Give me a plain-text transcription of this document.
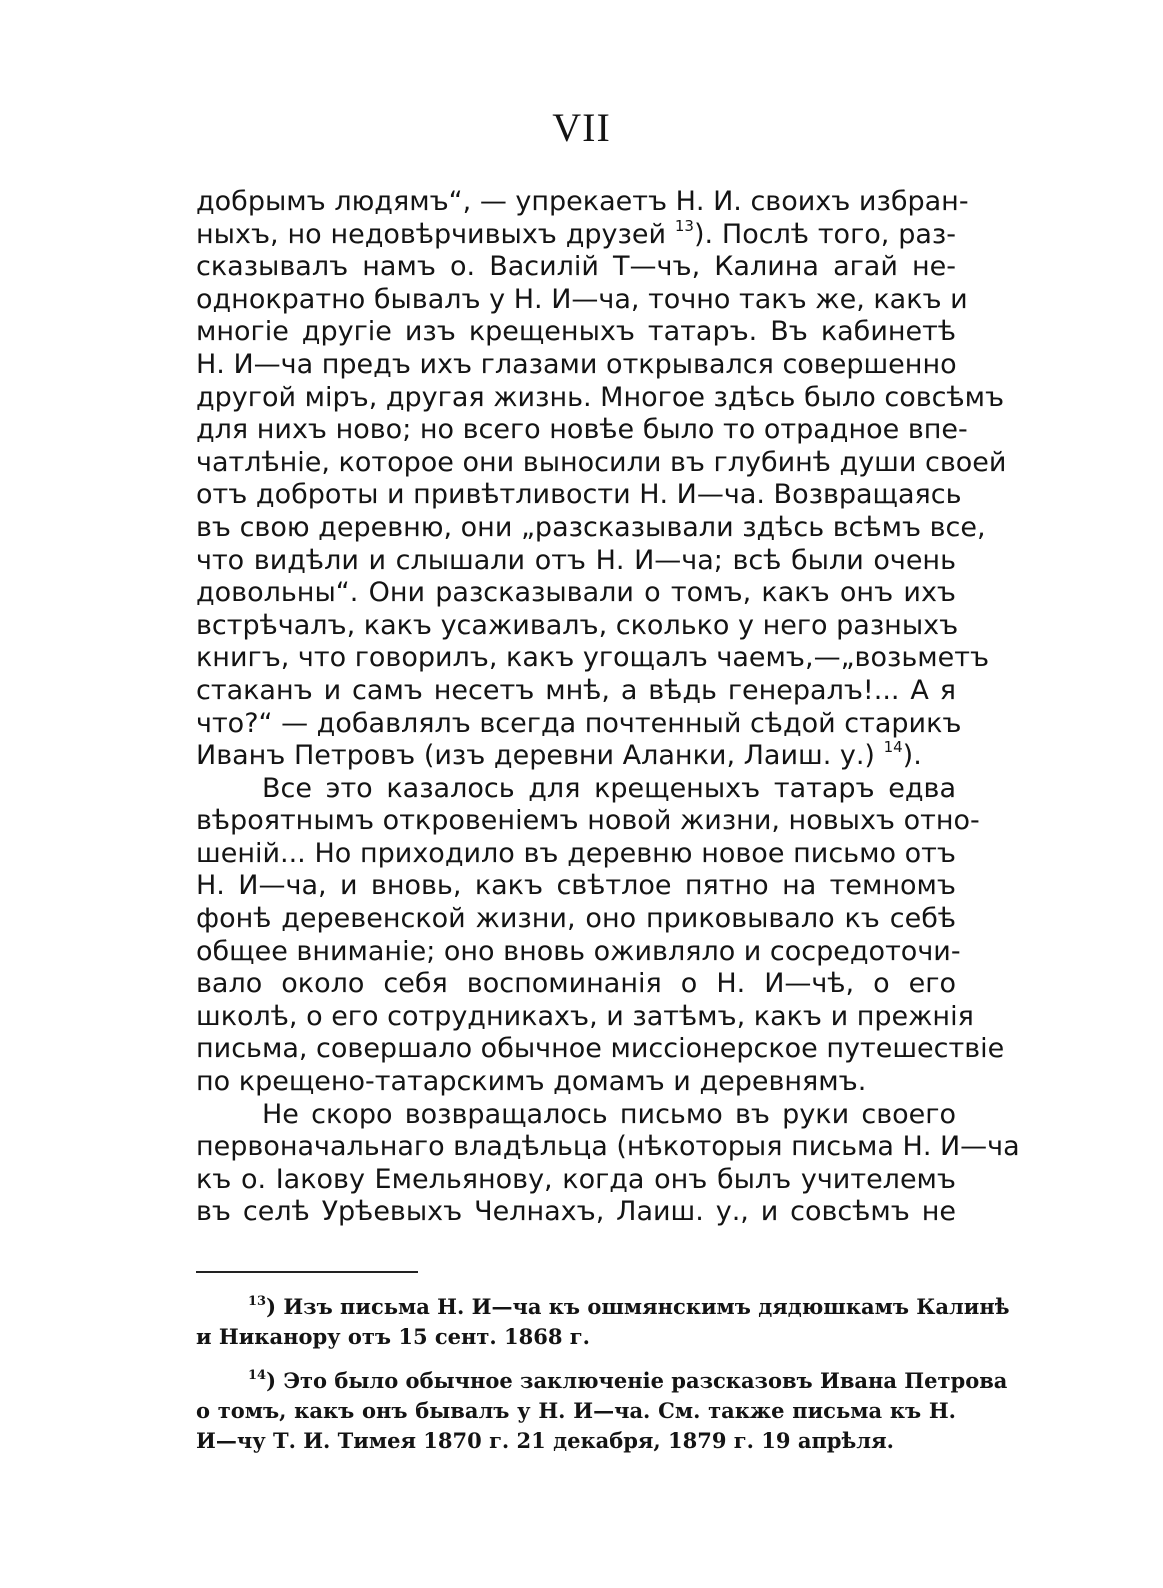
VII
добрымъ людямъ“, — упрекаетъ Н. И. своихъ избран-
ныхъ, но недовѣрчивыхъ друзей $^{13}$). Послѣ того, раз-
сказывалъ намъ о. Василій Т—чъ, Калина агай не-
однократно бывалъ у Н. И—ча, точно такъ же, какъ и
многіе другіе изъ крещеныхъ татаръ. Въ кабинетѣ
Н. И—ча предъ ихъ глазами открывался совершенно
другой міръ, другая жизнь. Многое здѣсь было совсѣмъ
для нихъ ново; но всего новѣе было то отрадное впе-
чатлѣніе, которое они выносили въ глубинѣ души своей
отъ доброты и привѣтливости Н. И—ча. Возвращаясь
въ свою деревню, они „разсказывали здѣсь всѣмъ все,
что видѣли и слышали отъ Н. И—ча; всѣ были очень
довольны“. Они разсказывали о томъ, какъ онъ ихъ
встрѣчалъ, какъ усаживалъ, сколько у него разныхъ
книгъ, что говорилъ, какъ угощалъ чаемъ,—„возьметъ
стаканъ и самъ несетъ мнѣ, а вѣдь генералъ!... А я
что?“ — добавлялъ всегда почтенный сѣдой старикъ
Иванъ Петровъ (изъ деревни Аланки, Лаиш. у.) $^{14}$).
Все это казалось для крещеныхъ татаръ едва
вѣроятнымъ откровеніемъ новой жизни, новыхъ отно-
шеній... Но приходило въ деревню новое письмо отъ
Н. И—ча, и вновь, какъ свѣтлое пятно на темномъ
фонѣ деревенской жизни, оно приковывало къ себѣ
общее вниманіе; оно вновь оживляло и сосредоточи-
вало около себя воспоминанія о Н. И—чѣ, о его
школѣ, о его сотрудникахъ, и затѣмъ, какъ и прежнія
письма, совершало обычное миссіонерское путешествіе
по крещено-татарскимъ домамъ и деревнямъ.
Не скоро возвращалось письмо въ руки своего
первоначальнаго владѣльца (нѣкоторыя письма Н. И—ча
къ о. Іакову Емельянову, когда онъ былъ учителемъ
въ селѣ Урѣевыхъ Челнахъ, Лаиш. у., и совсѣмъ не
$^{13}$) Изъ письма Н. И—ча къ ошмянскимъ дядюшкамъ Калинѣ
и Никанору отъ 15 сент. 1868 г.
$^{14}$) Это было обычное заключеніе разсказовъ Ивана Петрова
о томъ, какъ онъ бывалъ у Н. И—ча. См. также письма къ Н.
И—чу Т. И. Тимея 1870 г. 21 декабря, 1879 г. 19 апрѣля.
